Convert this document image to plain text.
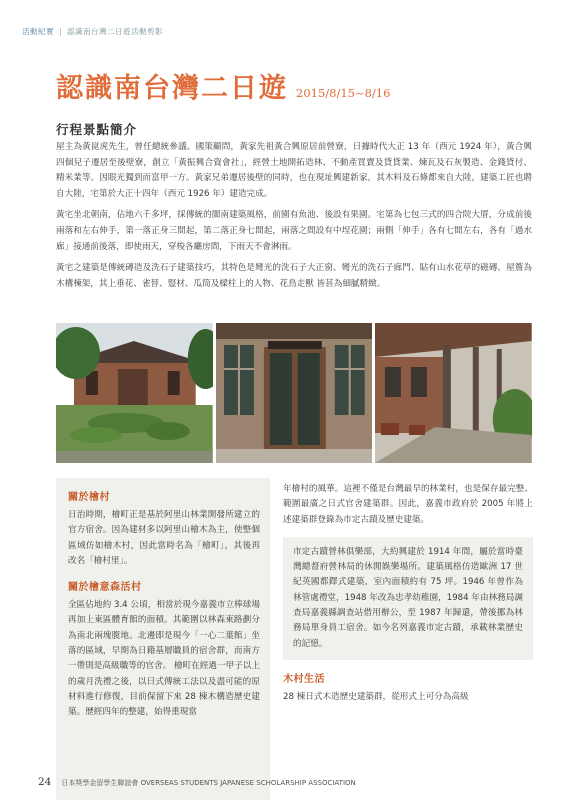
活動紀實 | 認識南台灣二日遊活動剪影
認識南台灣二日遊 2015/8/15~8/16
行程景點簡介

屋主為黃崑虎先生，曾任總統參議、國策顧問，黃家先祖黃合興原居前營寮，日據時代大正 13 年（西元 1924 年），黃合興四個兒子遷居至後壁寮，創立「黃振興合資會社」，經營土地開拓造林、不動產買賣及貸貸業、煉瓦及石灰製造、金錢貸付、精米業等。因眼光獨到而富甲一方。黃家兄弟遷居後壁的同時，也在現址興建新家，其木料及石條都來自大陸，建築工匠也聘自大陸，宅第於大正十四年（西元 1926 年）建造完成。

黃宅坐北朝南，佔地六千多坪，採傳統的閩南建築風格，前園有魚池、後設有果園。宅第為七包三式的四合院大厝，分成前後兩落和左右伸手，第一落正身三間起，第二落正身七間起，兩落之間設有中埕花園；兩側「伸手」各有七間左右，各有「過水廊」接通前後落，即使雨天，穿梭各廳房間，下雨天不會淋雨。

黃宅之建築是傳統磚造及洗石子建築技巧，其特色是彎光的洗石子大正窗、彎光的洗石子廊門、貼有山水花草的磁磚。屋簷為木構棟架，其上垂花、雀替、豎材、瓜筒及樑柱上的人物、花鳥走獸 皆甚為細膩精緻。

關於檜村

日治時期，檜町正是基於阿里山林業開發所建立的官方宿舍。因為建材多以阿里山檜木為主，使整個區域仿如檜木村，因此當時名為「檜町」，其後再改名「檜村里」。

關於檜意森活村

全區佔地約 3.4 公頃，相當於現今嘉義市立棒球場再加上東區體育館的面積。其範圍以林森東路劃分為南北兩塊腹地。北邊即是現今「一心二葉館」坐落的區域，早期為日籍基層職員的宿舍群，而南方一帶則是高級職等的官舍。 檜町在經過一甲子以上的歲月洗禮之後，以日式傳統工法以及盡可能的原材料進行修復，目前保留下來 28 棟木構造歷史建築。歷經四年的整建，始得重現當

年檜村的風華。這裡不僅是台灣最早的林業村，也是保存最完整、範圍最廣之日式官舍建築群。因此，嘉義市政府於 2005 年將上述建築群登錄為市定古蹟及歷史建築。

市定古蹟營林俱樂部，大約興建於 1914 年間，屬於當時臺灣總督府營林局的休閒娛樂場所。建築風格仿造歐洲 17 世紀英國都鐸式建築，室內面積約有 75 坪。1946 年曾作為林管處禮堂，1948 年改為忠孝幼稚園，1984 年由林務局調查局嘉義縣調查站借用辦公，至 1987 年歸還，帶後挪為林務局單身員工宿舍。如今名列嘉義市定古蹟，承載林業歷史的記憶。

木村生活

28 棟日式木造歷史建築群，從形式上可分為高級

24 日本獎學金留學生聯誼會 OVERSEAS STUDENTS JAPANESE SCHOLARSHIP ASSOCIATION
